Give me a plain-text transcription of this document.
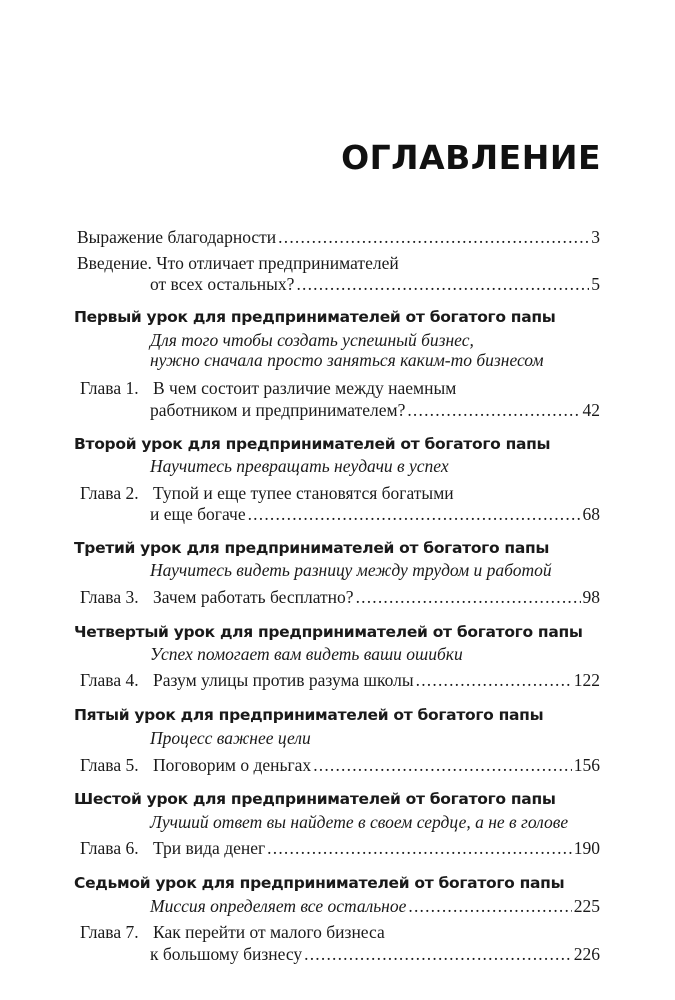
ОГЛАВЛЕНИЕ
Выражение благодарности .....	3
Введение. Что отличает предпринимателей
от всех остальных? .....	5
Первый урок для предпринимателей от богатого папы
Для того чтобы создать успешный бизнес,
нужно сначала просто заняться каким-то бизнесом
Глава 1. В чем состоит различие между наемным
работником и предпринимателем? .....	42
Второй урок для предпринимателей от богатого папы
Научитесь превращать неудачи в успех
Глава 2. Тупой и еще тупее становятся богатыми
и еще богаче .....	68
Третий урок для предпринимателей от богатого папы
Научитесь видеть разницу между трудом и работой
Глава 3. Зачем работать бесплатно? .....	98
Четвертый урок для предпринимателей от богатого папы
Успех помогает вам видеть ваши ошибки
Глава 4. Разум улицы против разума школы .....	122
Пятый урок для предпринимателей от богатого папы
Процесс важнее цели
Глава 5. Поговорим о деньгах .....	156
Шестой урок для предпринимателей от богатого папы
Лучший ответ вы найдете в своем сердце, а не в голове
Глава 6. Три вида денег .....	190
Седьмой урок для предпринимателей от богатого папы
Миссия определяет все остальное .....	225
Глава 7. Как перейти от малого бизнеса
к большому бизнесу .....	226
